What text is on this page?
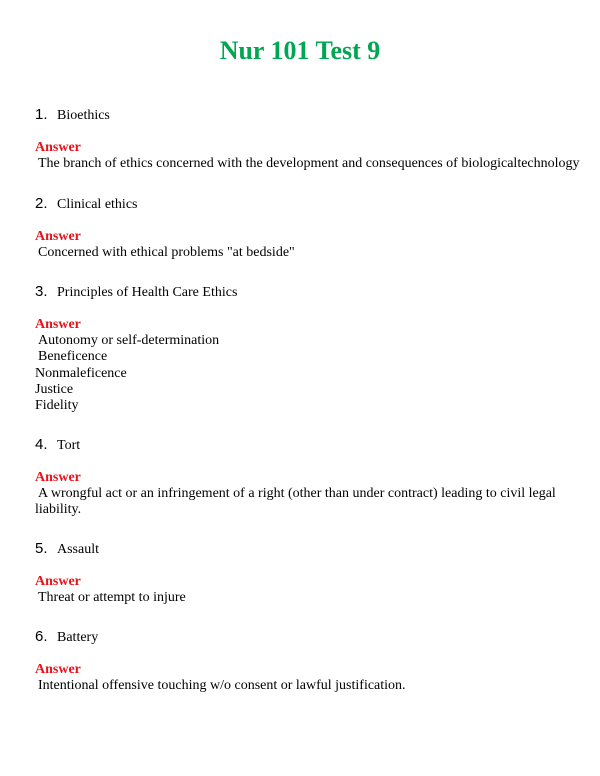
Nur 101 Test 9
1. Bioethics
Answer
The branch of ethics concerned with the development and consequences of biologicaltechnology
2. Clinical ethics
Answer
Concerned with ethical problems "at bedside"
3. Principles of Health Care Ethics
Answer
Autonomy or self-determination
Beneficence
Nonmaleficence
Justice
Fidelity
4. Tort
Answer
A wrongful act or an infringement of a right (other than under contract) leading to civil legal
liability.
5. Assault
Answer
Threat or attempt to injure
6. Battery
Answer
Intentional offensive touching w/o consent or lawful justification.
